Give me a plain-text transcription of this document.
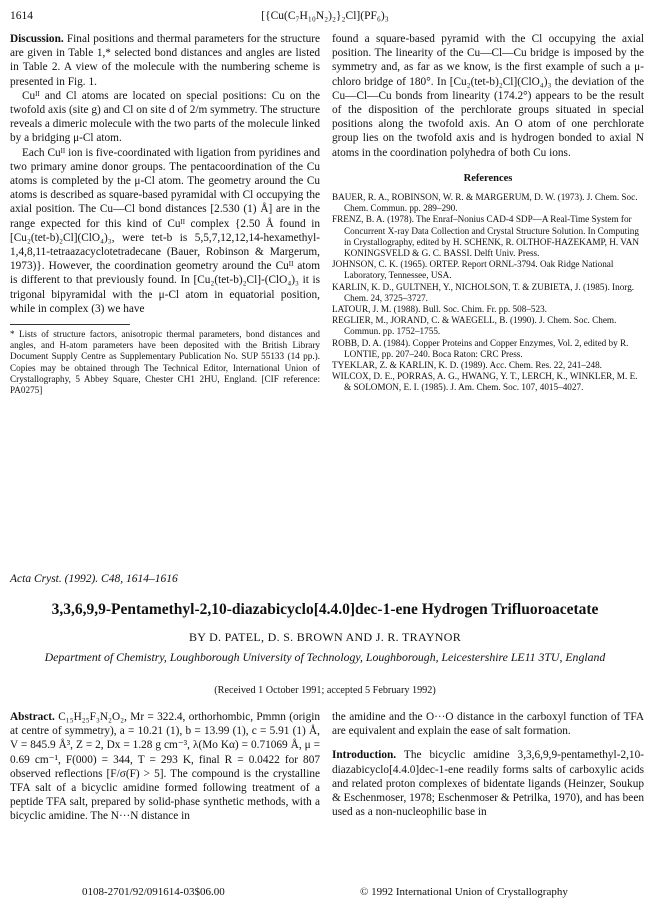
1614	[{Cu(C₇H₁₀N₂)₂}₂Cl](PF₆)₃

Discussion. Final positions and thermal parameters for the structure are given in Table 1,* selected bond distances and angles are listed in Table 2. A view of the molecule with the numbering scheme is presented in Fig. 1.

Cuᴵᴵ and Cl atoms are located on special positions: Cu on the twofold axis (site g) and Cl on site d of 2/m symmetry. The structure reveals a dimeric molecule with the two parts of the molecule linked by a bridging μ-Cl atom.

Each Cuᴵᴵ ion is five-coordinated with ligation from pyridines and two primary amine donor groups. The pentacoordination of the Cu atoms is completed by the μ-Cl atom. The geometry around the Cu atoms is described as square-based pyramidal with Cl occupying the axial position. The Cu—Cl bond distances [2.530 (1) Å] are in the range expected for this kind of Cuᴵᴵ complex {2.50 Å found in [Cu₂(tet-b)₂Cl](ClO₄)₃, were tet-b is 5,5,7,12,12,14-hexamethyl-1,4,8,11-tetraazacyclotetradecane (Bauer, Robinson & Margerum, 1973)}. However, the coordination geometry around the Cuᴵᴵ atom is different to that previously found. In [Cu₂(tet-b)₂Cl]-(ClO₄)₃ it is trigonal bipyramidal with the μ-Cl atom in equatorial position, while in complex (3) we have

* Lists of structure factors, anisotropic thermal parameters, bond distances and angles, and H-atom parameters have been deposited with the British Library Document Supply Centre as Supplementary Publication No. SUP 55133 (14 pp.). Copies may be obtained through The Technical Editor, International Union of Crystallography, 5 Abbey Square, Chester CH1 2HU, England. [CIF reference: PA0275]

found a square-based pyramid with the Cl occupying the axial position. The linearity of the Cu—Cl—Cu bridge is imposed by the symmetry and, as far as we know, is the first example of such a μ-chloro bridge of 180°. In [Cu₂(tet-b)₂Cl](ClO₄)₃ the deviation of the Cu—Cl—Cu bonds from linearity (174.2°) appears to be the result of the disposition of the perchlorate groups situated in special positions along the twofold axis. An O atom of one perchlorate group lies on the twofold axis and is hydrogen bonded to axial N atoms in the coordination polyhedra of both Cu ions.

References

BAUER, R. A., ROBINSON, W. R. & MARGERUM, D. W. (1973). J. Chem. Soc. Chem. Commun. pp. 289–290.

FRENZ, B. A. (1978). The Enraf–Nonius CAD-4 SDP—A Real-Time System for Concurrent X-ray Data Collection and Crystal Structure Solution. In Computing in Crystallography, edited by H. SCHENK, R. OLTHOF-HAZEKAMP, H. VAN KONINGSVELD & G. C. BASSI. Delft Univ. Press.

JOHNSON, C. K. (1965). ORTEP. Report ORNL-3794. Oak Ridge National Laboratory, Tennessee, USA.

KARLIN, K. D., GULTNEH, Y., NICHOLSON, T. & ZUBIETA, J. (1985). Inorg. Chem. 24, 3725–3727.

LATOUR, J. M. (1988). Bull. Soc. Chim. Fr. pp. 508–523.

REGLIER, M., JORAND, C. & WAEGELL, B. (1990). J. Chem. Soc. Chem. Commun. pp. 1752–1755.

ROBB, D. A. (1984). Copper Proteins and Copper Enzymes, Vol. 2, edited by R. LONTIE, pp. 207–240. Boca Raton: CRC Press.

TYEKLAR, Z. & KARLIN, K. D. (1989). Acc. Chem. Res. 22, 241–248.

WILCOX, D. E., PORRAS, A. G., HWANG, Y. T., LERCH, K., WINKLER, M. E. & SOLOMON, E. I. (1985). J. Am. Chem. Soc. 107, 4015–4027.

Acta Cryst. (1992). C48, 1614–1616
3,3,6,9,9-Pentamethyl-2,10-diazabicyclo[4.4.0]dec-1-ene Hydrogen Trifluoroacetate
BY D. PATEL, D. S. BROWN AND J. R. TRAYNOR
Department of Chemistry, Loughborough University of Technology, Loughborough, Leicestershire LE11 3TU, England
(Received 1 October 1991; accepted 5 February 1992)

Abstract. C₁₅H₂₅F₃N₂O₂, Mr = 322.4, orthorhombic, Pmmn (origin at centre of symmetry), a = 10.21 (1), b = 13.99 (1), c = 5.91 (1) Å, V = 845.9 Å³, Z = 2, Dx = 1.28 g cm⁻³, λ(Mo Kα) = 0.71069 Å, μ = 0.69 cm⁻¹, F(000) = 344, T = 293 K, final R = 0.0422 for 807 observed reflections [F/σ(F) > 5]. The compound is the crystalline TFA salt of a bicyclic amidine formed following treatment of a peptide TFA salt, prepared by solid-phase synthetic methods, with a bicyclic amidine. The N···N distance in

the amidine and the O···O distance in the carboxyl function of TFA are equivalent and explain the ease of salt formation.

Introduction. The bicyclic amidine 3,3,6,9,9-pentamethyl-2,10-diazabicyclo[4.4.0]dec-1-ene readily forms salts of carboxylic acids and related proton complexes of bidentate ligands (Heinzer, Soukup & Eschenmoser, 1978; Eschenmoser & Petrilka, 1970), and has been used as a non-nucleophilic base in

0108-2701/92/091614-03$06.00	© 1992 International Union of Crystallography
